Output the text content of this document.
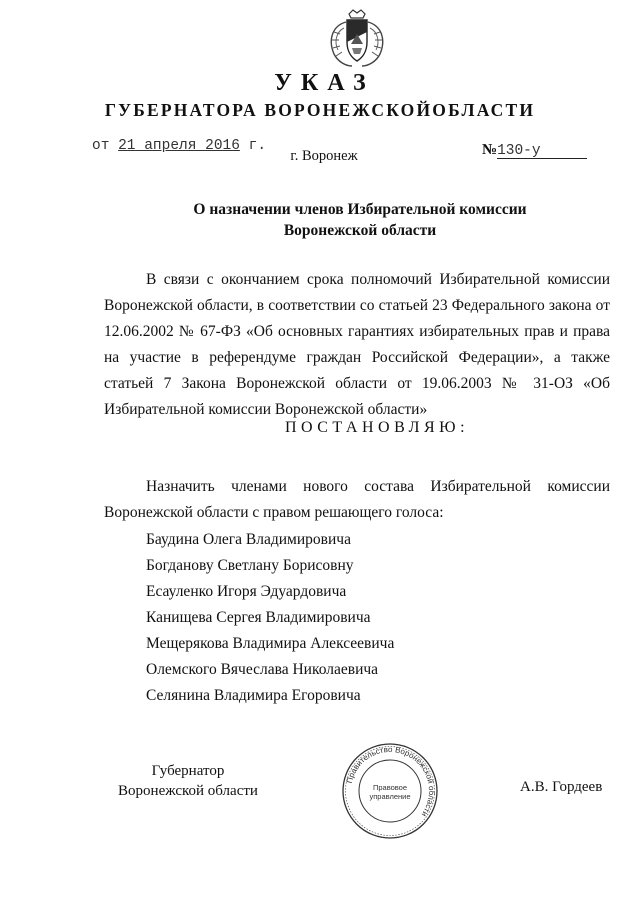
УКАЗ
ГУБЕРНАТОРА ВОРОНЕЖСКОЙОБЛАСТИ
от 21 апреля 2016 г.	№130-у
г. Воронеж
О назначении членов Избирательной комиссии
Воронежской области

В связи с окончанием срока полномочий Избирательной комиссии Воронежской области, в соответствии со статьей 23 Федерального закона от 12.06.2002 № 67-ФЗ «Об основных гарантиях избирательных прав и права на участие в референдуме граждан Российской Федерации», а также статьей 7 Закона Воронежской области от 19.06.2003 № 31-ОЗ «Об Избирательной комиссии Воронежской области»

ПОСТАНОВЛЯЮ:

Назначить членами нового состава Избирательной комиссии Воронежской области с правом решающего голоса:

Баудина Олега Владимировича
Богданову Светлану Борисовну
Есауленко Игоря Эдуардовича
Канищева Сергея Владимировича
Мещерякова Владимира Алексеевича
Олемского Вячеслава Николаевича
Селянина Владимира Егоровича
Губернатор
Воронежской области
Правительство Воронежской области
Правовое
управление
А.В. Гордеев
